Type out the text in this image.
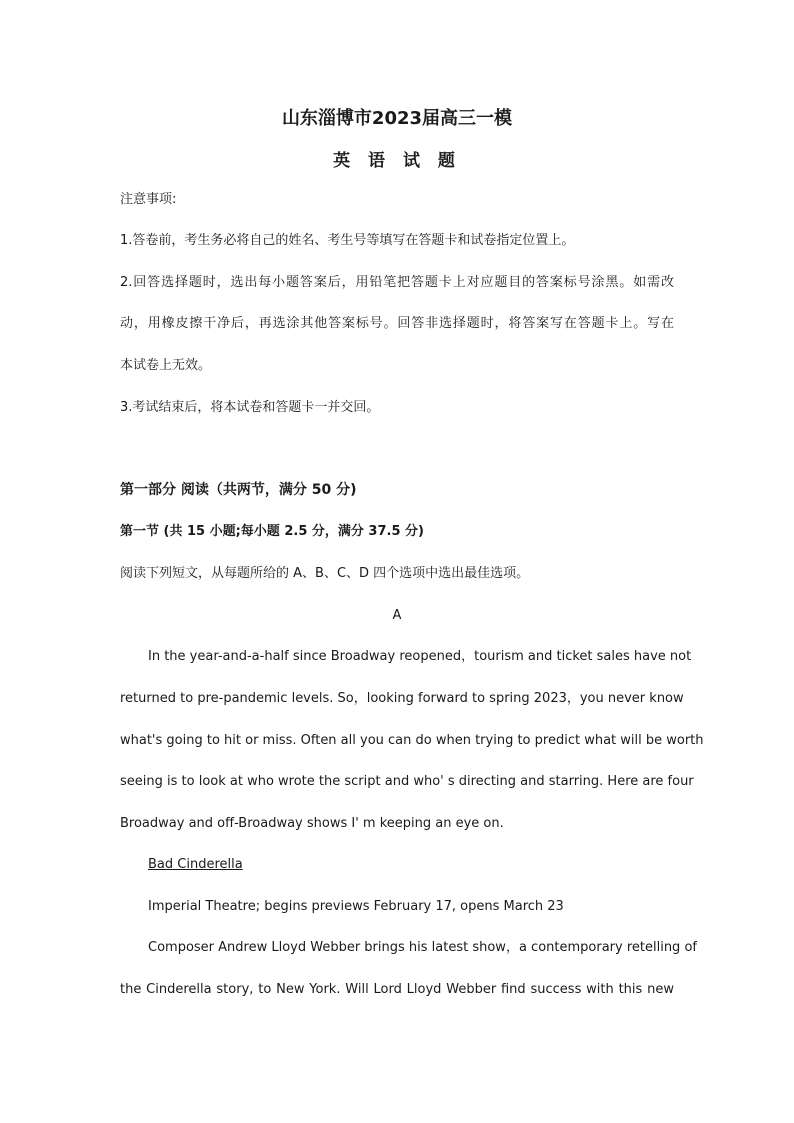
山东淄博市2023届高三一模
英 语 试 题
注意事项:
1.答卷前，考生务必将自己的姓名、考生号等填写在答题卡和试卷指定位置上。
2.回答选择题时，选出每小题答案后，用铅笔把答题卡上对应题目的答案标号涂黑。如需改
动，用橡皮擦干净后，再选涂其他答案标号。回答非选择题时，将答案写在答题卡上。写在
本试卷上无效。
3.考试结束后，将本试卷和答题卡一并交回。
第一部分 阅读（共两节，满分 50 分)
第一节 (共 15 小题;每小题 2.5 分，满分 37.5 分)
阅读下列短文，从每题所给的 A、B、C、D 四个选项中选出最佳选项。
A
In the year-and-a-half since Broadway reopened，tourism and ticket sales have not
returned to pre-pandemic levels. So，looking forward to spring 2023，you never know
what's going to hit or miss. Often all you can do when trying to predict what will be worth
seeing is to look at who wrote the script and who' s directing and starring. Here are four
Broadway and off-Broadway shows I' m keeping an eye on.
Bad Cinderella
Imperial Theatre; begins previews February 17, opens March 23
Composer Andrew Lloyd Webber brings his latest show，a contemporary retelling of
the Cinderella story, to New York. Will Lord Lloyd Webber find success with this new
